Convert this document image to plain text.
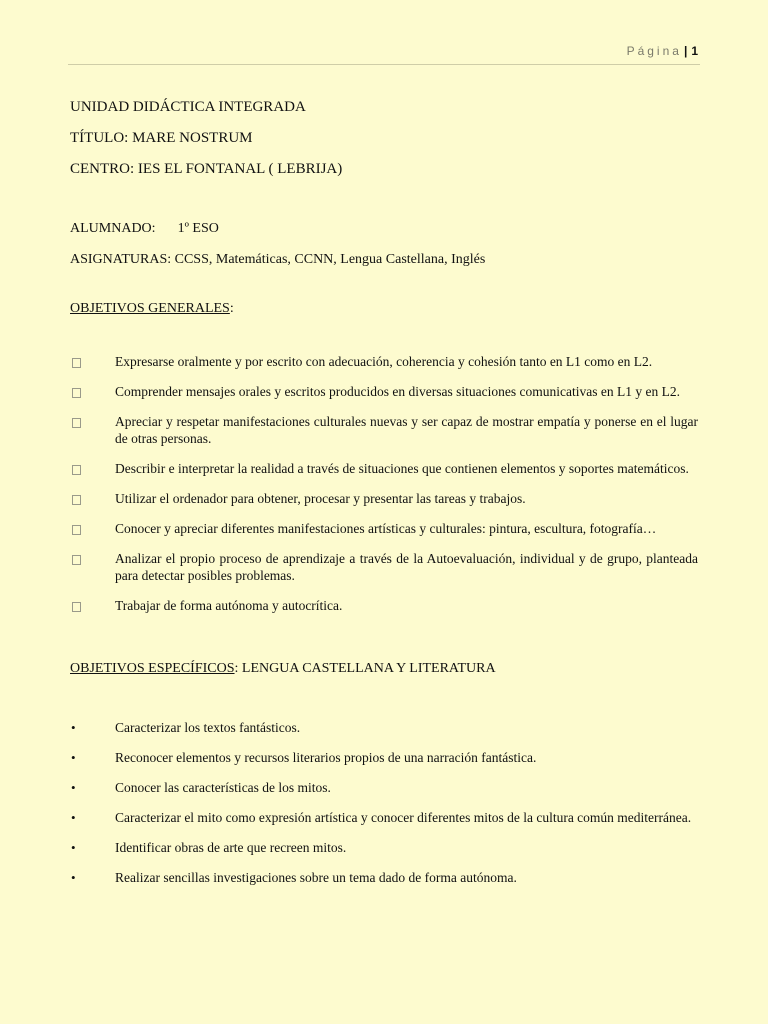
Página | 1
UNIDAD DIDÁCTICA INTEGRADA
TÍTULO: MARE NOSTRUM
CENTRO: IES EL FONTANAL ( LEBRIJA)
ALUMNADO: 1º ESO
ASIGNATURAS: CCSS, Matemáticas, CCNN, Lengua Castellana, Inglés
OBJETIVOS GENERALES:
Expresarse oralmente y por escrito con adecuación, coherencia y cohesión tanto en L1 como en L2.
Comprender mensajes orales y escritos producidos en diversas situaciones comunicativas en L1 y en L2.
Apreciar y respetar manifestaciones culturales nuevas y ser capaz de mostrar empatía y ponerse en el lugar de otras personas.
Describir e interpretar la realidad a través de situaciones que contienen elementos y soportes matemáticos.
Utilizar el ordenador para obtener, procesar y presentar las tareas y trabajos.
Conocer y apreciar diferentes manifestaciones artísticas y culturales: pintura, escultura, fotografía…
Analizar el propio proceso de aprendizaje a través de la Autoevaluación, individual y de grupo, planteada para detectar posibles problemas.
Trabajar de forma autónoma y autocrítica.
OBJETIVOS ESPECÍFICOS: LENGUA CASTELLANA Y LITERATURA
•	Caracterizar los textos fantásticos.
•	Reconocer elementos y recursos literarios propios de una narración fantástica.
•	Conocer las características de los mitos.
•	Caracterizar el mito como expresión artística y conocer diferentes mitos de la cultura común mediterránea.
•	Identificar obras de arte que recreen mitos.
•	Realizar sencillas investigaciones sobre un tema dado de forma autónoma.
